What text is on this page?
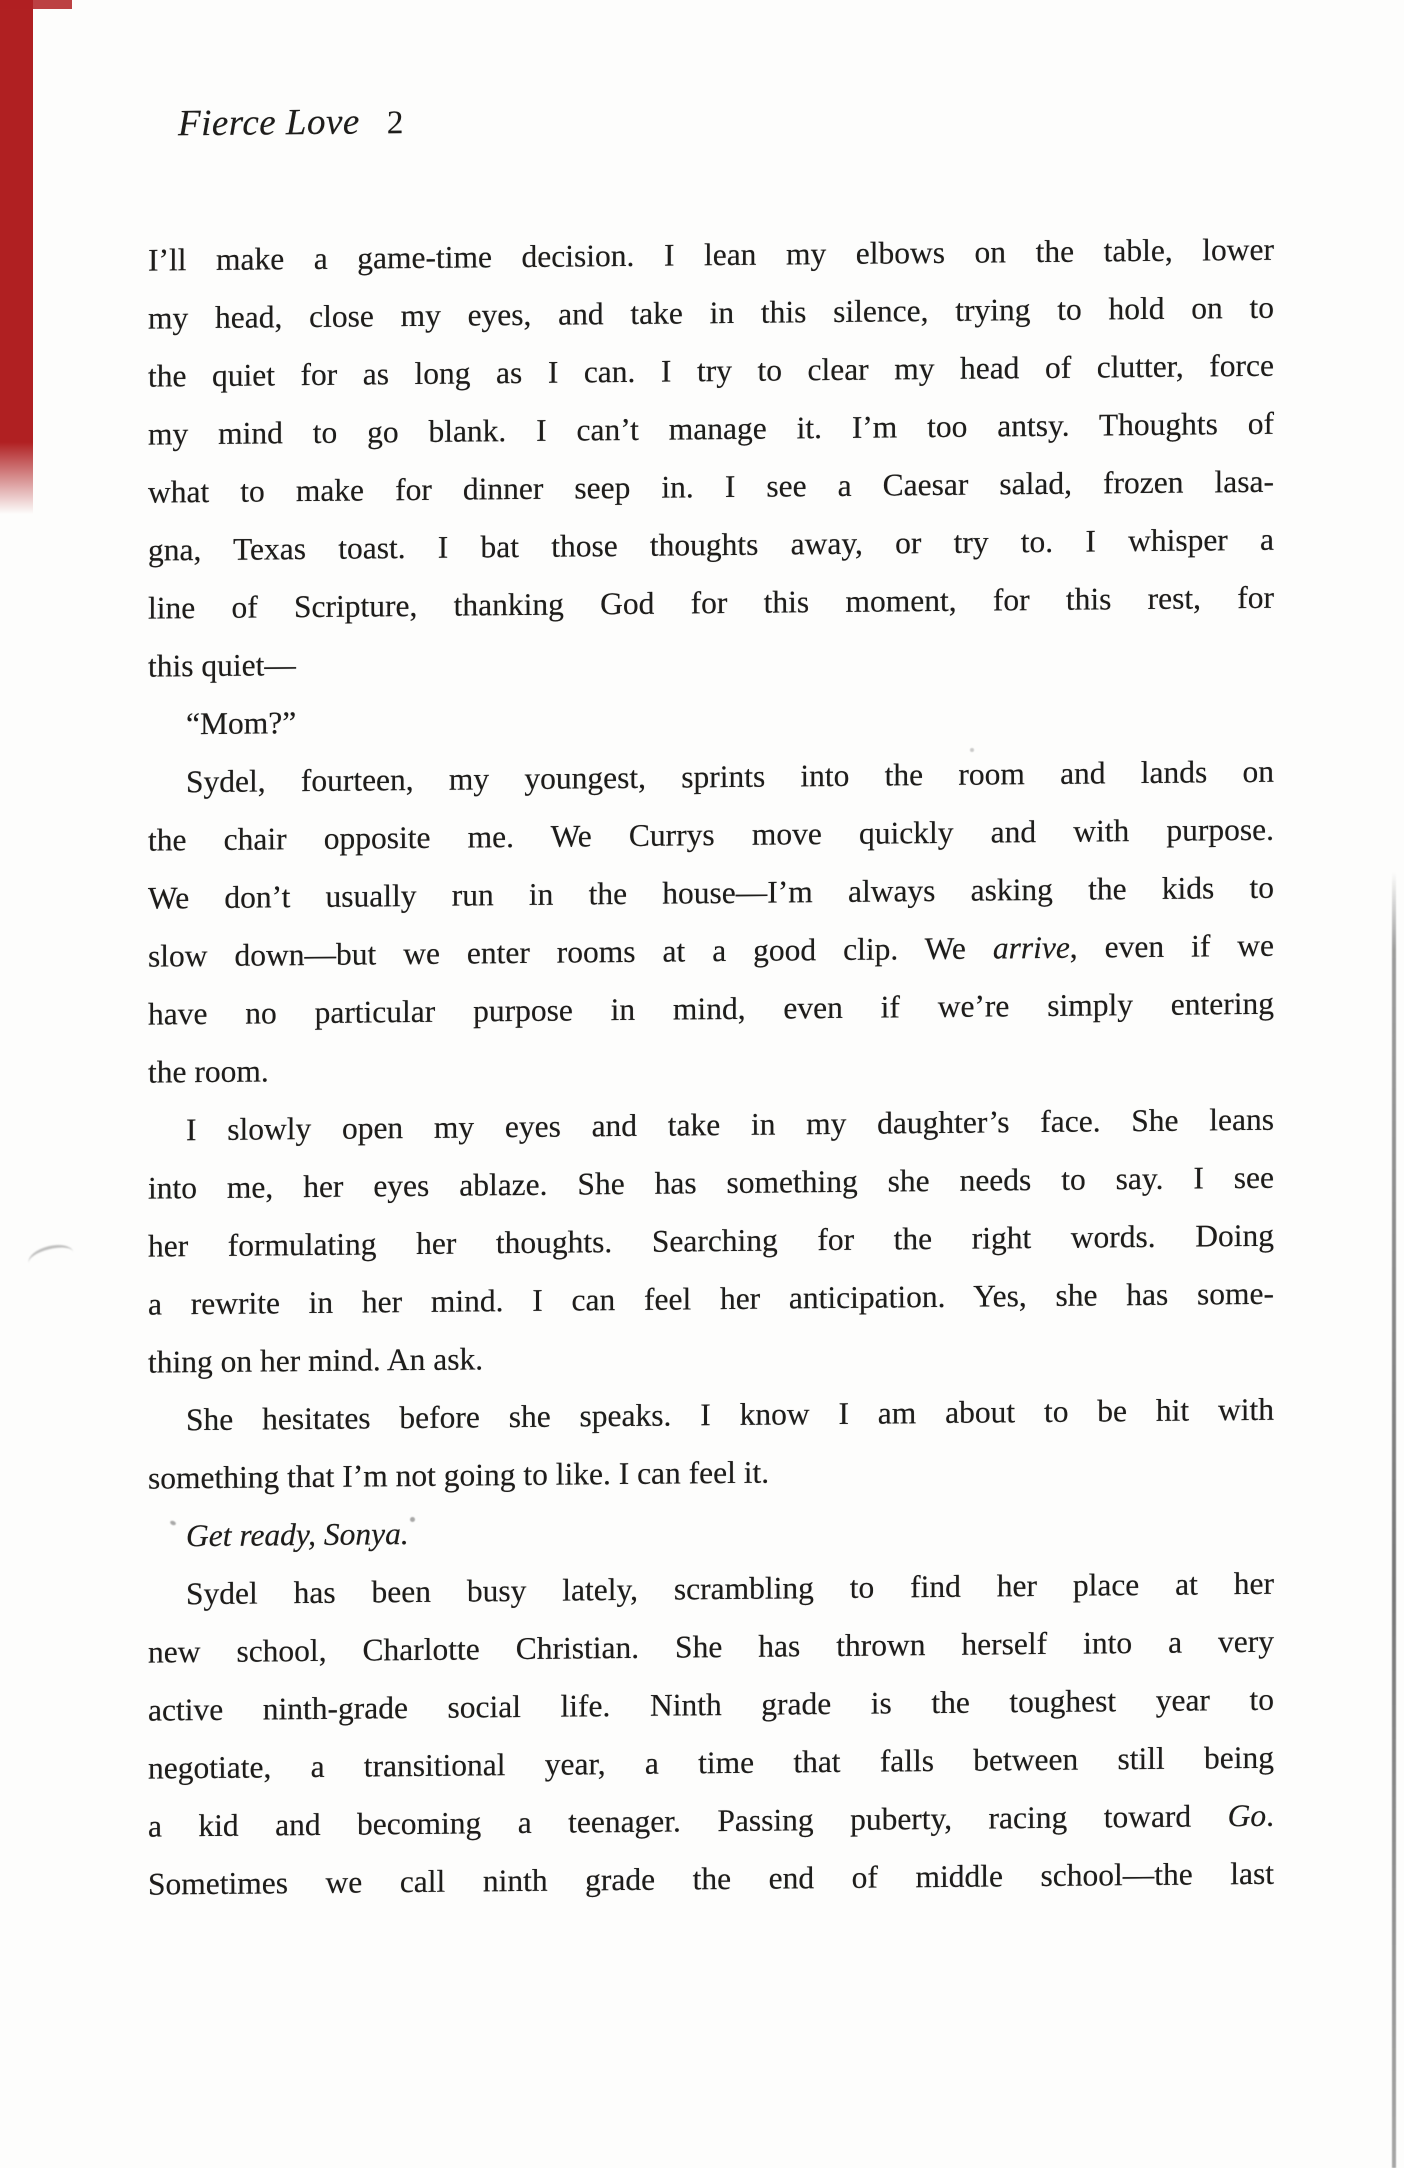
Fierce Love 2
I’ll make a game-time decision. I lean my elbows on the table, lower
my head, close my eyes, and take in this silence, trying to hold on to
the quiet for as long as I can. I try to clear my head of clutter, force
my mind to go blank. I can’t manage it. I’m too antsy. Thoughts of
what to make for dinner seep in. I see a Caesar salad, frozen lasa-
gna, Texas toast. I bat those thoughts away, or try to. I whisper a
line of Scripture, thanking God for this moment, for this rest, for
this quiet—
“Mom?”
Sydel, fourteen, my youngest, sprints into the room and lands on
the chair opposite me. We Currys move quickly and with purpose.
We don’t usually run in the house—I’m always asking the kids to
slow down—but we enter rooms at a good clip. We arrive, even if we
have no particular purpose in mind, even if we’re simply entering
the room.
I slowly open my eyes and take in my daughter’s face. She leans
into me, her eyes ablaze. She has something she needs to say. I see
her formulating her thoughts. Searching for the right words. Doing
a rewrite in her mind. I can feel her anticipation. Yes, she has some-
thing on her mind. An ask.
She hesitates before she speaks. I know I am about to be hit with
something that I’m not going to like. I can feel it.
Get ready, Sonya.
Sydel has been busy lately, scrambling to find her place at her
new school, Charlotte Christian. She has thrown herself into a very
active ninth-grade social life. Ninth grade is the toughest year to
negotiate, a transitional year, a time that falls between still being
a kid and becoming a teenager. Passing puberty, racing toward Go.
Sometimes we call ninth grade the end of middle school—the last
